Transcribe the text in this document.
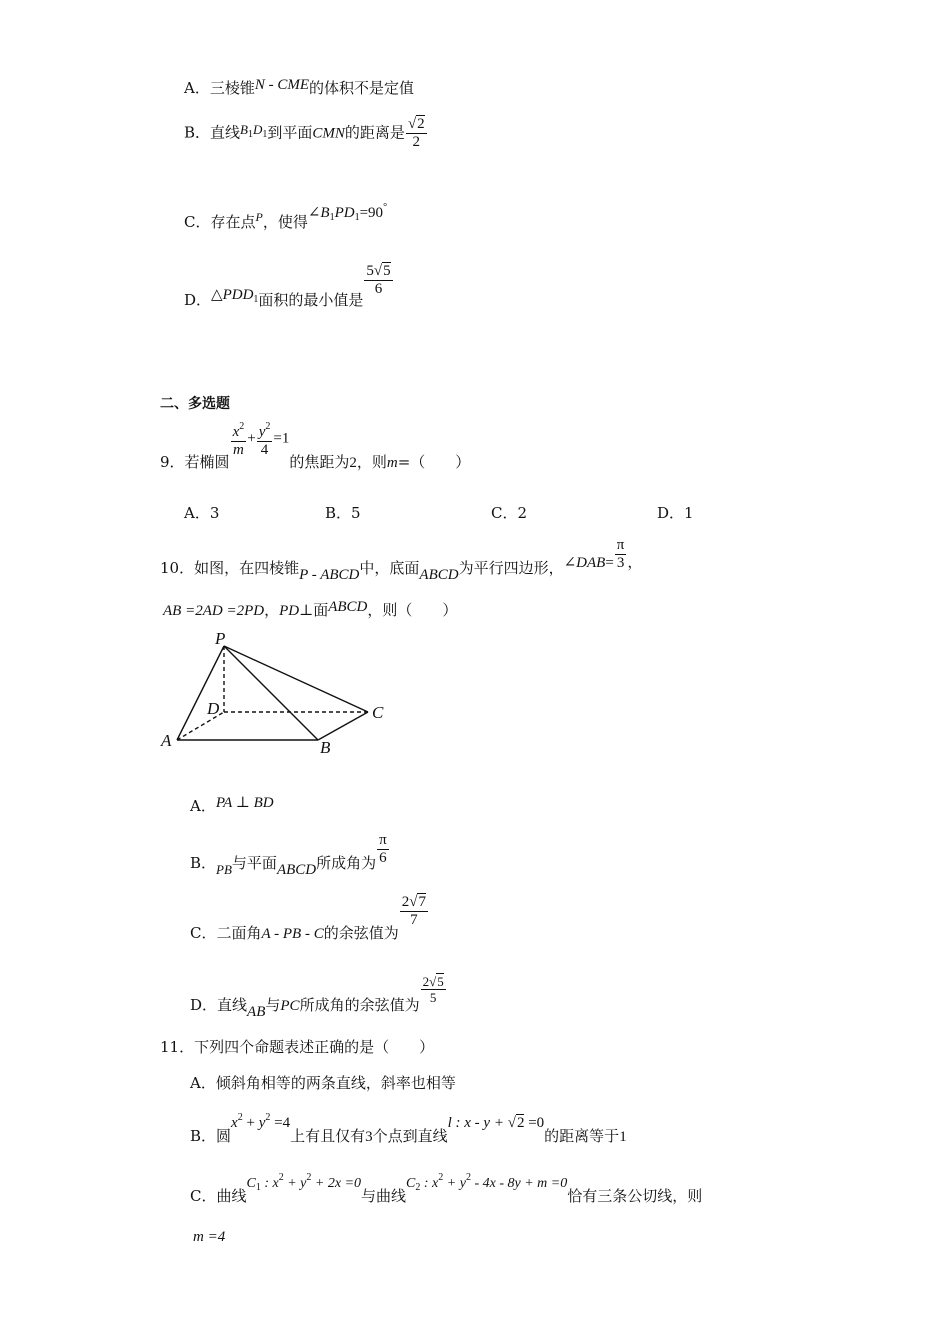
A．三棱锥N - CME的体积不是定值
B．直线$B_1D_1$到平面CMN的距离是 $\frac{√2}{2}$
C．存在点$^P$，使得$\angle B_1PD_1=90^\circ$
D．$\triangle PDD_1$面积的最小值是
$\frac{5√5}{6}$
二、多选题
9．若椭圆
$\frac{x^2}{m} + \frac{y^2}{4} =1$的焦距为2，则m=（　　）
A．3	B．5	C．2	D．1
10．如图，在四棱锥P - ABCD中，底面ABCD为平行四边形，∠DAB= $\frac{\pi}{3}$ ，
AB =2AD =2PD，PD⊥面ABCD，则（　　）
P
D	C
A	B
A．PA ⊥ BD
B．PB与平面ABCD所成角为 $\frac{\pi}{6}$
C．二面角A - PB - C的余弦值为
$\frac{2√7}{7}$
D．直线AB与PC所成角的余弦值为 $\frac{2√5}{5}$
11．下列四个命题表述正确的是（　　）
A．倾斜角相等的两条直线，斜率也相等
B．圆$x^2 + y^2 =4$上有且仅有3个点到直线l : x - y + √2 =0的距离等于1
C．曲线$C_1$ : $x^2 + y^2 + 2x =0$与曲线$C_2$ : $x^2 + y^2 - 4x - 8y + m =0$恰有三条公切线，则
m =4
